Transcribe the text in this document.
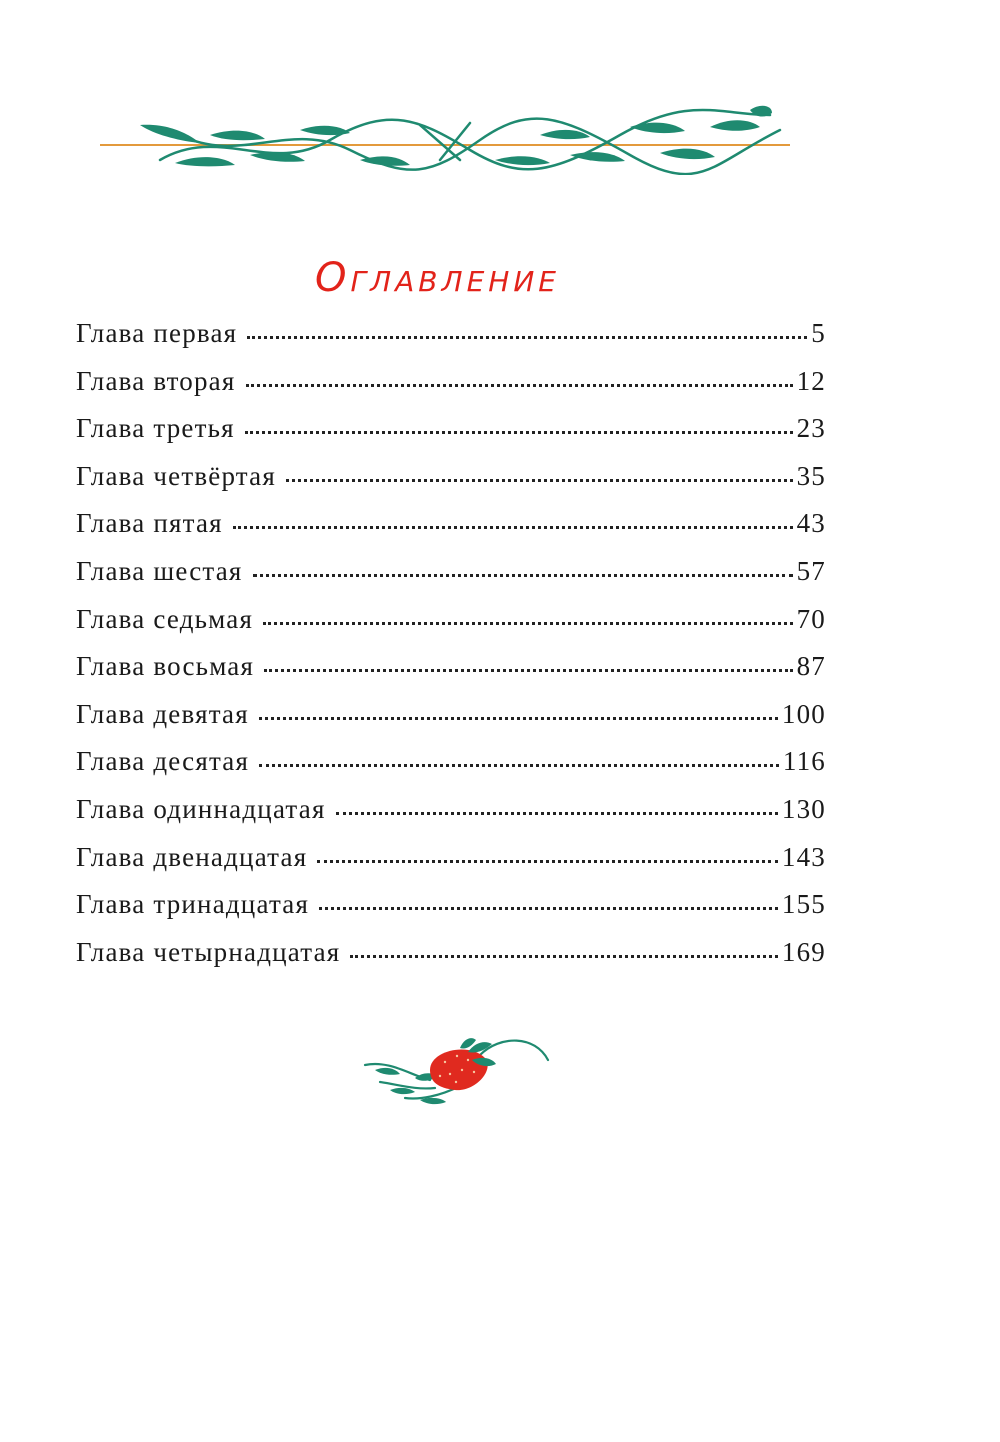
Оглавление
Глава первая	5
Глава вторая	12
Глава третья	23
Глава четвёртая	35
Глава пятая	43
Глава шестая	57
Глава седьмая	70
Глава восьмая	87
Глава девятая	100
Глава десятая	116
Глава одиннадцатая	130
Глава двенадцатая	143
Глава тринадцатая	155
Глава четырнадцатая	169
